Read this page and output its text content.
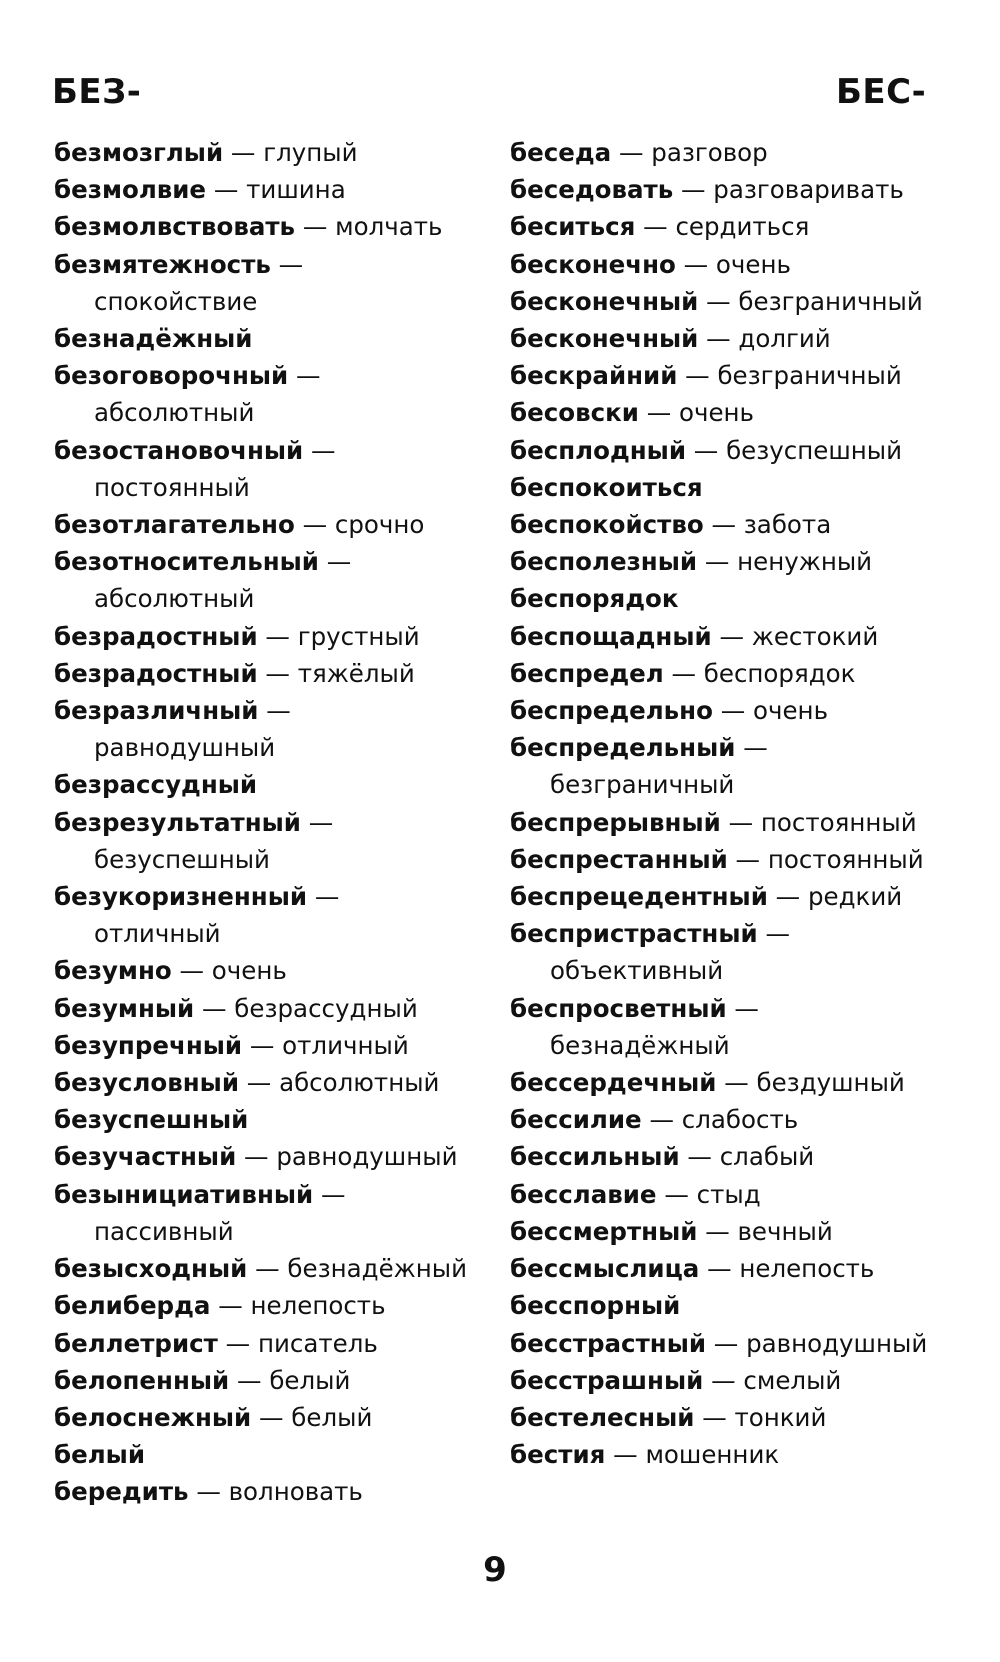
БЕЗ-	БЕС-
безмозглый — глупый
безмолвие — тишина
безмолвствовать — молчать
безмятежность —
спокойствие
безнадёжный
безоговорочный —
абсолютный
безостановочный —
постоянный
безотлагательно — срочно
безотносительный —
абсолютный
безрадостный — грустный
безрадостный — тяжёлый
безразличный —
равнодушный
безрассудный
безрезультатный —
безуспешный
безукоризненный —
отличный
безумно — очень
безумный — безрассудный
безупречный — отличный
безусловный — абсолютный
безуспешный
безучастный — равнодушный
безынициативный —
пассивный
безысходный — безнадёжный
белиберда — нелепость
беллетрист — писатель
белопенный — белый
белоснежный — белый
белый
бередить — волновать
беседа — разговор
беседовать — разговаривать
беситься — сердиться
бесконечно — очень
бесконечный — безграничный
бесконечный — долгий
бескрайний — безграничный
бесовски — очень
бесплодный — безуспешный
беспокоиться
беспокойство — забота
бесполезный — ненужный
беспорядок
беспощадный — жестокий
беспредел — беспорядок
беспредельно — очень
беспредельный —
безграничный
беспрерывный — постоянный
беспрестанный — постоянный
беспрецедентный — редкий
беспристрастный —
объективный
беспросветный —
безнадёжный
бессердечный — бездушный
бессилие — слабость
бессильный — слабый
бесславие — стыд
бессмертный — вечный
бессмыслица — нелепость
бесспорный
бесстрастный — равнодушный
бесстрашный — смелый
бестелесный — тонкий
бестия — мошенник
9
